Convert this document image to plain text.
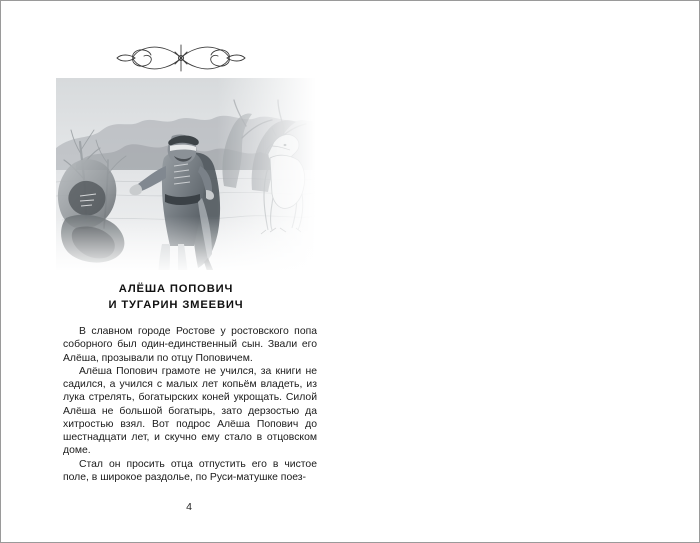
АЛЁША ПОПОВИЧ
И ТУГАРИН ЗМЕЕВИЧ

В славном городе Ростове у ростовского попа соборного был один-единственный сын. Звали его Алёша, прозывали по отцу Поповичем.

Алёша Попович грамоте не учился, за книги не садился, а учился с малых лет копьём владеть, из лука стрелять, богатырских коней укрощать. Силой Алёша не большой богатырь, зато дерзостью да хитростью взял. Вот подрос Алёша Попович до шестнадцати лет, и скучно ему стало в отцовском доме.

Стал он просить отца отпустить его в чистое поле, в широкое раздолье, по Руси-матушке поез-

4
